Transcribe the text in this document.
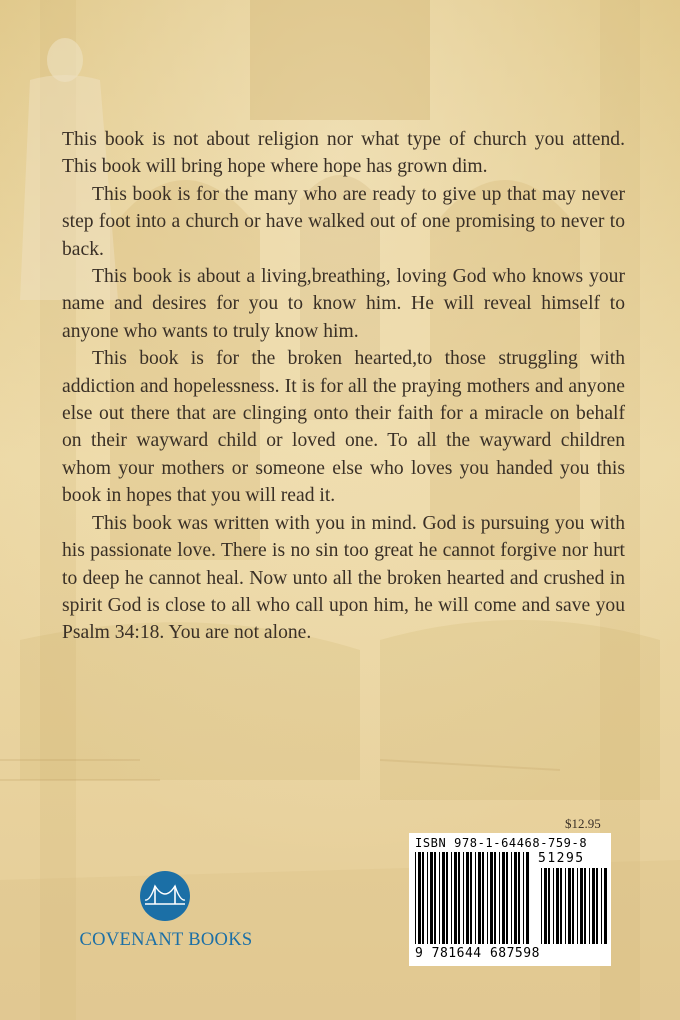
This book is not about religion nor what type of church you attend. This book will bring hope where hope has grown dim.

This book is for the many who are ready to give up that may never step foot into a church or have walked out of one promising to never to back.

This book is about a living,breathing, loving God who knows your name and desires for you to know him. He will reveal himself to anyone who wants to truly know him.

This book is for the broken hearted,to those struggling with addiction and hopelessness. It is for all the praying mothers and anyone else out there that are clinging onto their faith for a miracle on behalf on their wayward child or loved one. To all the wayward children whom your mothers or someone else who loves you handed you this book in hopes that you will read it.

This book was written with you in mind. God is pursuing you with his passionate love. There is no sin too great he cannot forgive nor hurt to deep he cannot heal. Now unto all the broken hearted and crushed in spirit God is close to all who call upon him, he will come and save you Psalm 34:18. You are not alone.

$12.95
ISBN 978-1-64468-759-8
51295
9 781644 687598
COVENANT BOOKS
